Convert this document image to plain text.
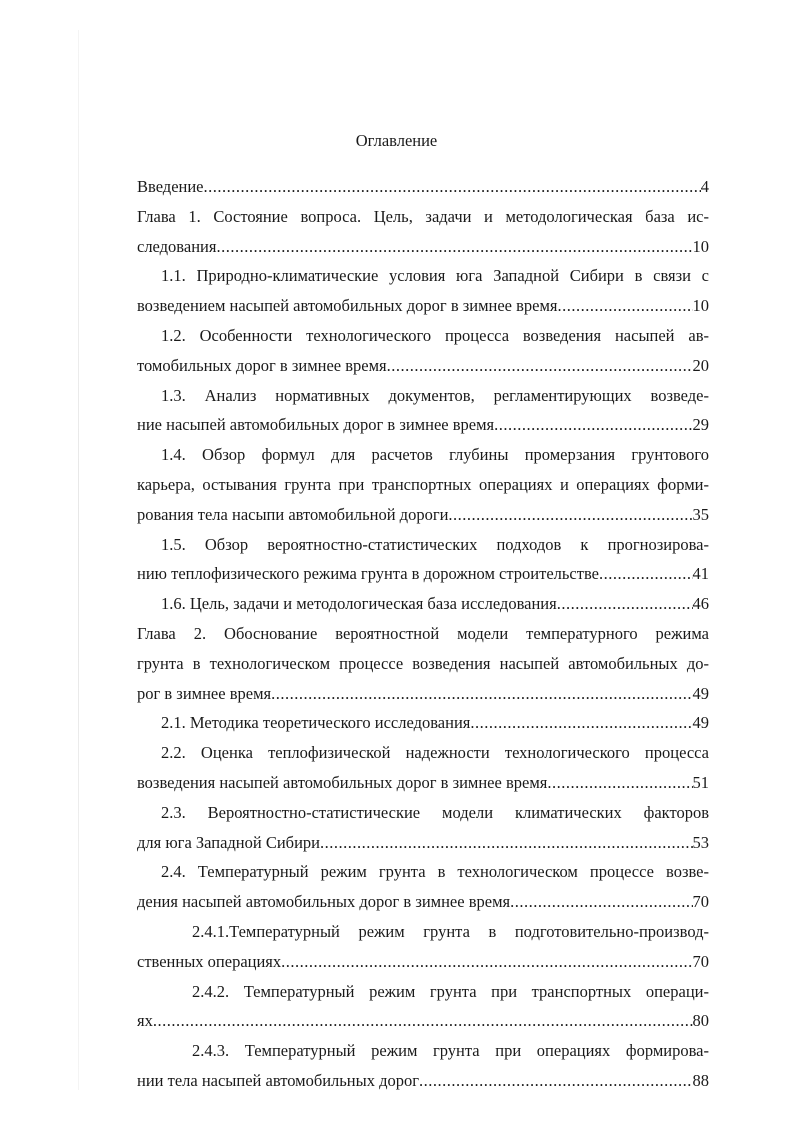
Оглавление
Введение .....	4
Глава 1. Состояние вопроса. Цель, задачи и методологическая база ис-
следования .....	10
1.1. Природно-климатические условия юга Западной Сибири в связи с
возведением насыпей автомобильных дорог в зимнее время .....	10
1.2. Особенности технологического процесса возведения насыпей ав-
томобильных дорог в зимнее время .....	20
1.3. Анализ нормативных документов, регламентирующих возведе-
ние насыпей автомобильных дорог в зимнее время .....	29
1.4. Обзор формул для расчетов глубины промерзания грунтового
карьера, остывания грунта при транспортных операциях и операциях форми-
рования тела насыпи автомобильной дороги .....	35
1.5. Обзор вероятностно-статистических подходов к прогнозирова-
нию теплофизического режима грунта в дорожном строительстве .....	41
1.6. Цель, задачи и методологическая база исследования .....	46
Глава 2. Обоснование вероятностной модели температурного режима
грунта в технологическом процессе возведения насыпей автомобильных до-
рог в зимнее время .....	49
2.1. Методика теоретического исследования .....	49
2.2. Оценка теплофизической надежности технологического процесса
возведения насыпей автомобильных дорог в зимнее время .....	51
2.3. Вероятностно-статистические модели климатических факторов
для юга Западной Сибири .....	53
2.4. Температурный режим грунта в технологическом процессе возве-
дения насыпей автомобильных дорог в зимнее время .....	70
2.4.1.Температурный режим грунта в подготовительно-производ-
ственных операциях .....	70
2.4.2. Температурный режим грунта при транспортных операци-
ях .....	80
2.4.3. Температурный режим грунта при операциях формирова-
нии тела насыпей автомобильных дорог .....	88
